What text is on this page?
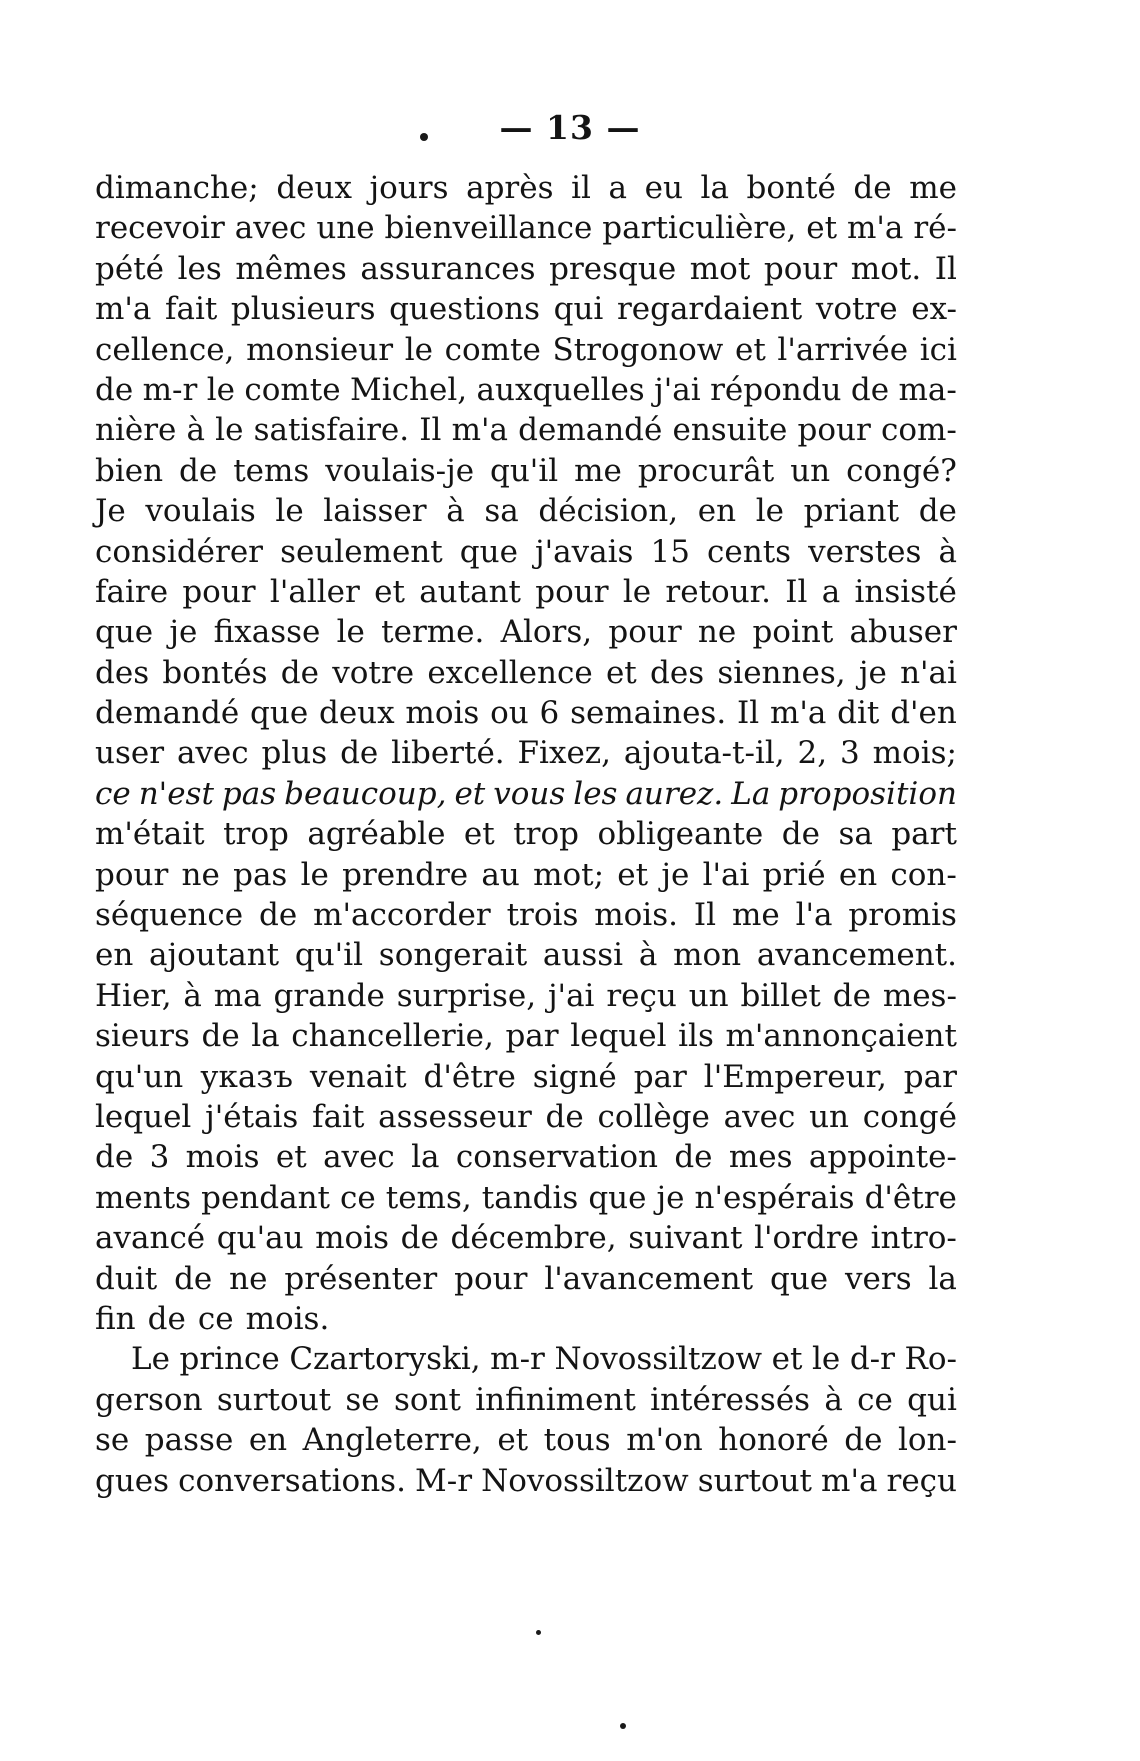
— 13 —
dimanche; deux jours après il a eu la bonté de me
recevoir avec une bienveillance particulière, et m'a ré-
pété les mêmes assurances presque mot pour mot. Il
m'a fait plusieurs questions qui regardaient votre ex-
cellence, monsieur le comte Strogonow et l'arrivée ici
de m-r le comte Michel, auxquelles j'ai répondu de ma-
nière à le satisfaire. Il m'a demandé ensuite pour com-
bien de tems voulais-je qu'il me procurât un congé?
Je voulais le laisser à sa décision, en le priant de
considérer seulement que j'avais 15 cents verstes à
faire pour l'aller et autant pour le retour. Il a insisté
que je fixasse le terme. Alors, pour ne point abuser
des bontés de votre excellence et des siennes, je n'ai
demandé que deux mois ou 6 semaines. Il m'a dit d'en
user avec plus de liberté. Fixez, ajouta-t-il, 2, 3 mois;
ce n'est pas beaucoup, et vous les aurez. La proposition
m'était trop agréable et trop obligeante de sa part
pour ne pas le prendre au mot; et je l'ai prié en con-
séquence de m'accorder trois mois. Il me l'a promis
en ajoutant qu'il songerait aussi à mon avancement.
Hier, à ma grande surprise, j'ai reçu un billet de mes-
sieurs de la chancellerie, par lequel ils m'annonçaient
qu'un указъ venait d'être signé par l'Empereur, par
lequel j'étais fait assesseur de collège avec un congé
de 3 mois et avec la conservation de mes appointe-
ments pendant ce tems, tandis que je n'espérais d'être
avancé qu'au mois de décembre, suivant l'ordre intro-
duit de ne présenter pour l'avancement que vers la
fin de ce mois.
Le prince Czartoryski, m-r Novossiltzow et le d-r Ro-
gerson surtout se sont infiniment intéressés à ce qui
se passe en Angleterre, et tous m'on honoré de lon-
gues conversations. M-r Novossiltzow surtout m'a reçu
